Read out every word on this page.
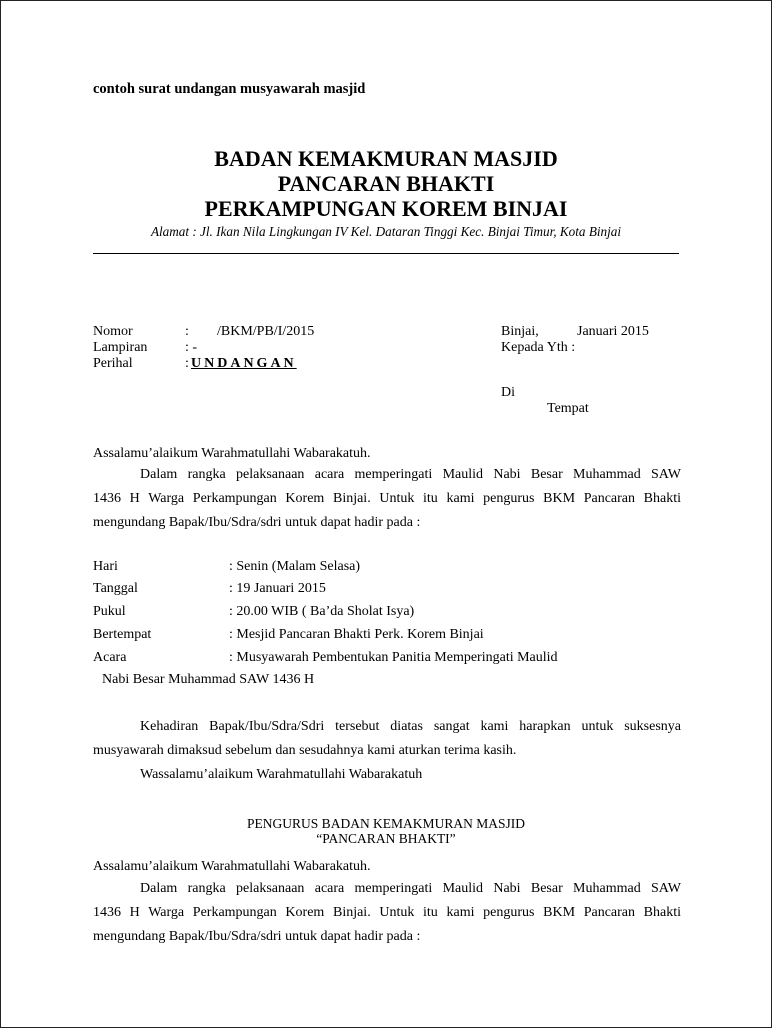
contoh surat undangan musyawarah masjid
BADAN KEMAKMURAN MASJID
PANCARAN BHAKTI
PERKAMPUNGAN KOREM BINJAI
Alamat : Jl. Ikan Nila Lingkungan IV Kel. Dataran Tinggi Kec. Binjai Timur, Kota Binjai
Nomor	: /BKM/PB/I/2015
Lampiran	: -
Perihal	: UNDANGAN
Binjai,	Januari 2015
Kepada Yth :
Di
Tempat
Assalamu’alaikum Warahmatullahi Wabarakatuh.
Dalam rangka pelaksanaan acara memperingati Maulid Nabi Besar Muhammad SAW
1436 H Warga Perkampungan Korem Binjai. Untuk itu kami pengurus BKM Pancaran Bhakti
mengundang Bapak/Ibu/Sdra/sdri untuk dapat hadir pada :
Hari	: Senin (Malam Selasa)
Tanggal	: 19 Januari 2015
Pukul	: 20.00 WIB ( Ba’da Sholat Isya)
Bertempat	: Mesjid Pancaran Bhakti Perk. Korem Binjai
Acara	: Musyawarah Pembentukan Panitia Memperingati Maulid
Nabi Besar Muhammad SAW 1436 H
Kehadiran Bapak/Ibu/Sdra/Sdri tersebut diatas sangat kami harapkan untuk suksesnya
musyawarah dimaksud sebelum dan sesudahnya kami aturkan terima kasih.
Wassalamu’alaikum Warahmatullahi Wabarakatuh
PENGURUS BADAN KEMAKMURAN MASJID
“PANCARAN BHAKTI”
Assalamu’alaikum Warahmatullahi Wabarakatuh.
Dalam rangka pelaksanaan acara memperingati Maulid Nabi Besar Muhammad SAW
1436 H Warga Perkampungan Korem Binjai. Untuk itu kami pengurus BKM Pancaran Bhakti
mengundang Bapak/Ibu/Sdra/sdri untuk dapat hadir pada :
